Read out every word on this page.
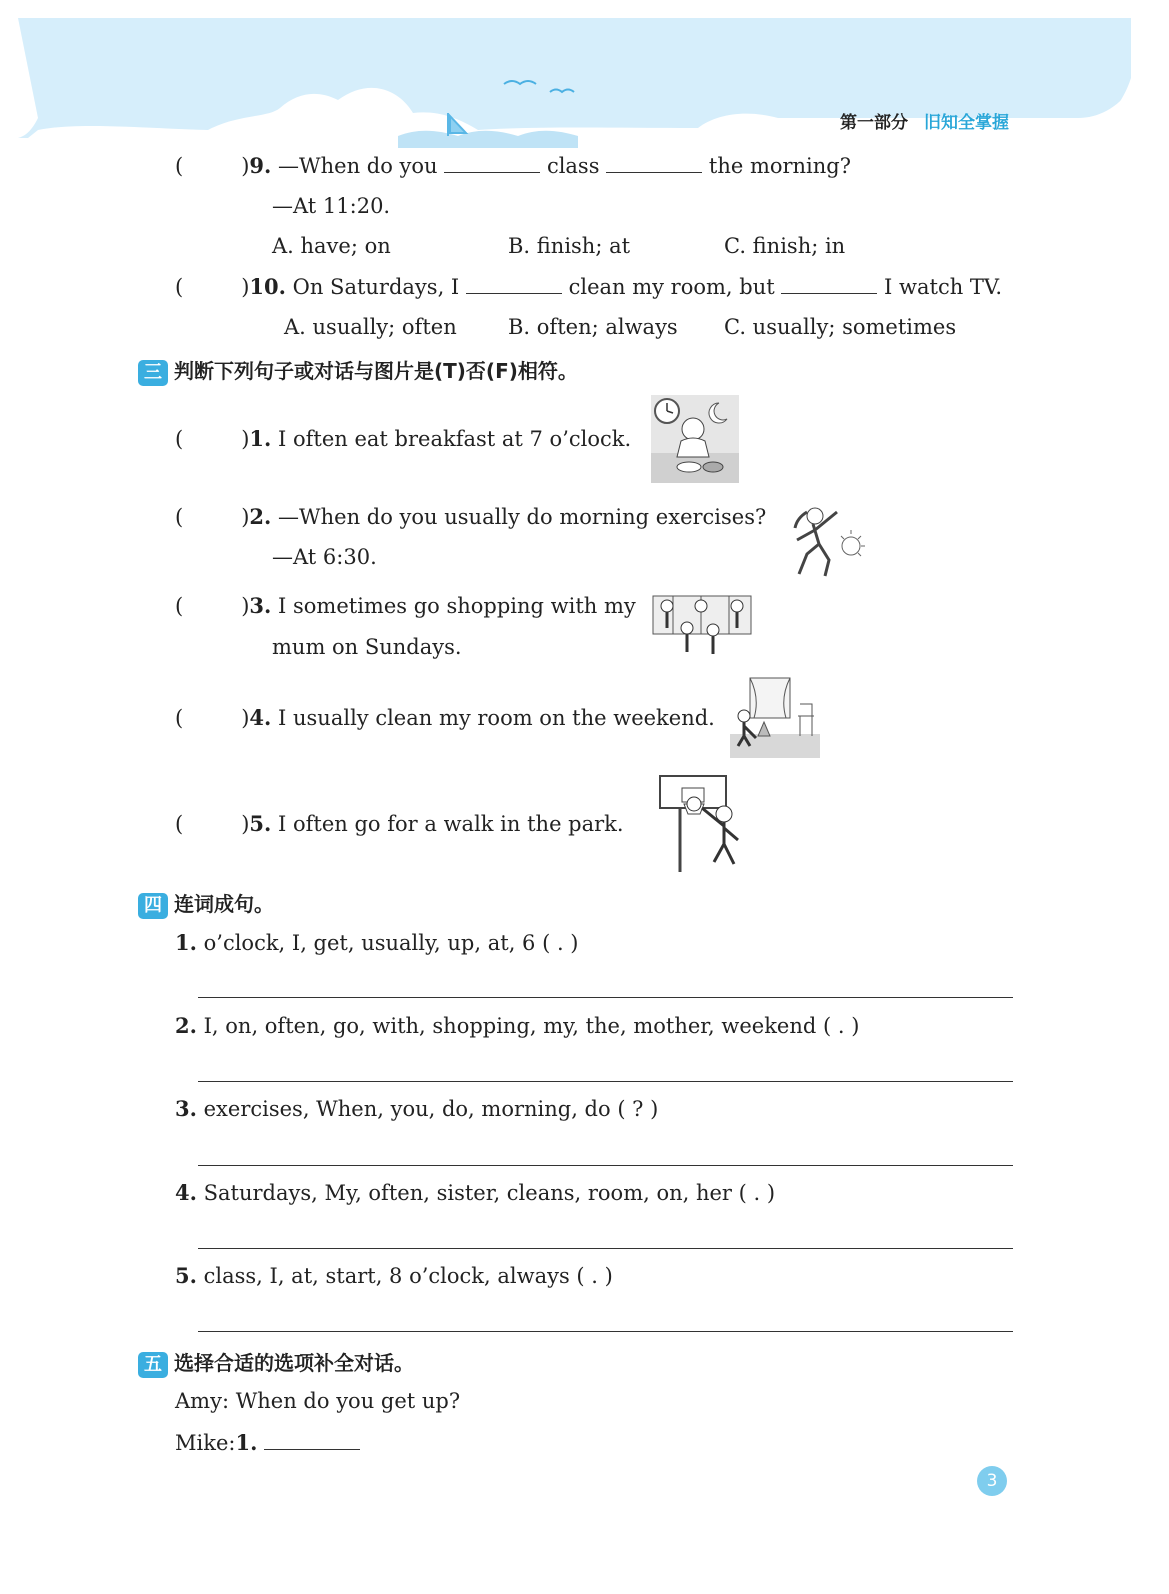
第一部分 旧知全掌握
(	)9. —When do you	class	the morning?
—At 11:20.
A. have; on	B. finish; at	C. finish; in
(	)10. On Saturdays, I	clean my room, but	I watch TV.
A. usually; often B. often; always C. usually; sometimes
三 判断下列句子或对话与图片是(T)否(F)相符。
(	)1. I often eat breakfast at 7 o’clock.
(	)2. —When do you usually do morning exercises?
—At 6:30.
(	)3. I sometimes go shopping with my
mum on Sundays.
(	)4. I usually clean my room on the weekend.
(	)5. I often go for a walk in the park.
四 连词成句。
1. o’clock, I, get, usually, up, at, 6 ( . )
2. I, on, often, go, with, shopping, my, the, mother, weekend ( . )
3. exercises, When, you, do, morning, do ( ? )
4. Saturdays, My, often, sister, cleans, room, on, her ( . )
5. class, I, at, start, 8 o’clock, always ( . )
五 选择合适的选项补全对话。
Amy: When do you get up?
Mike:1.
3
